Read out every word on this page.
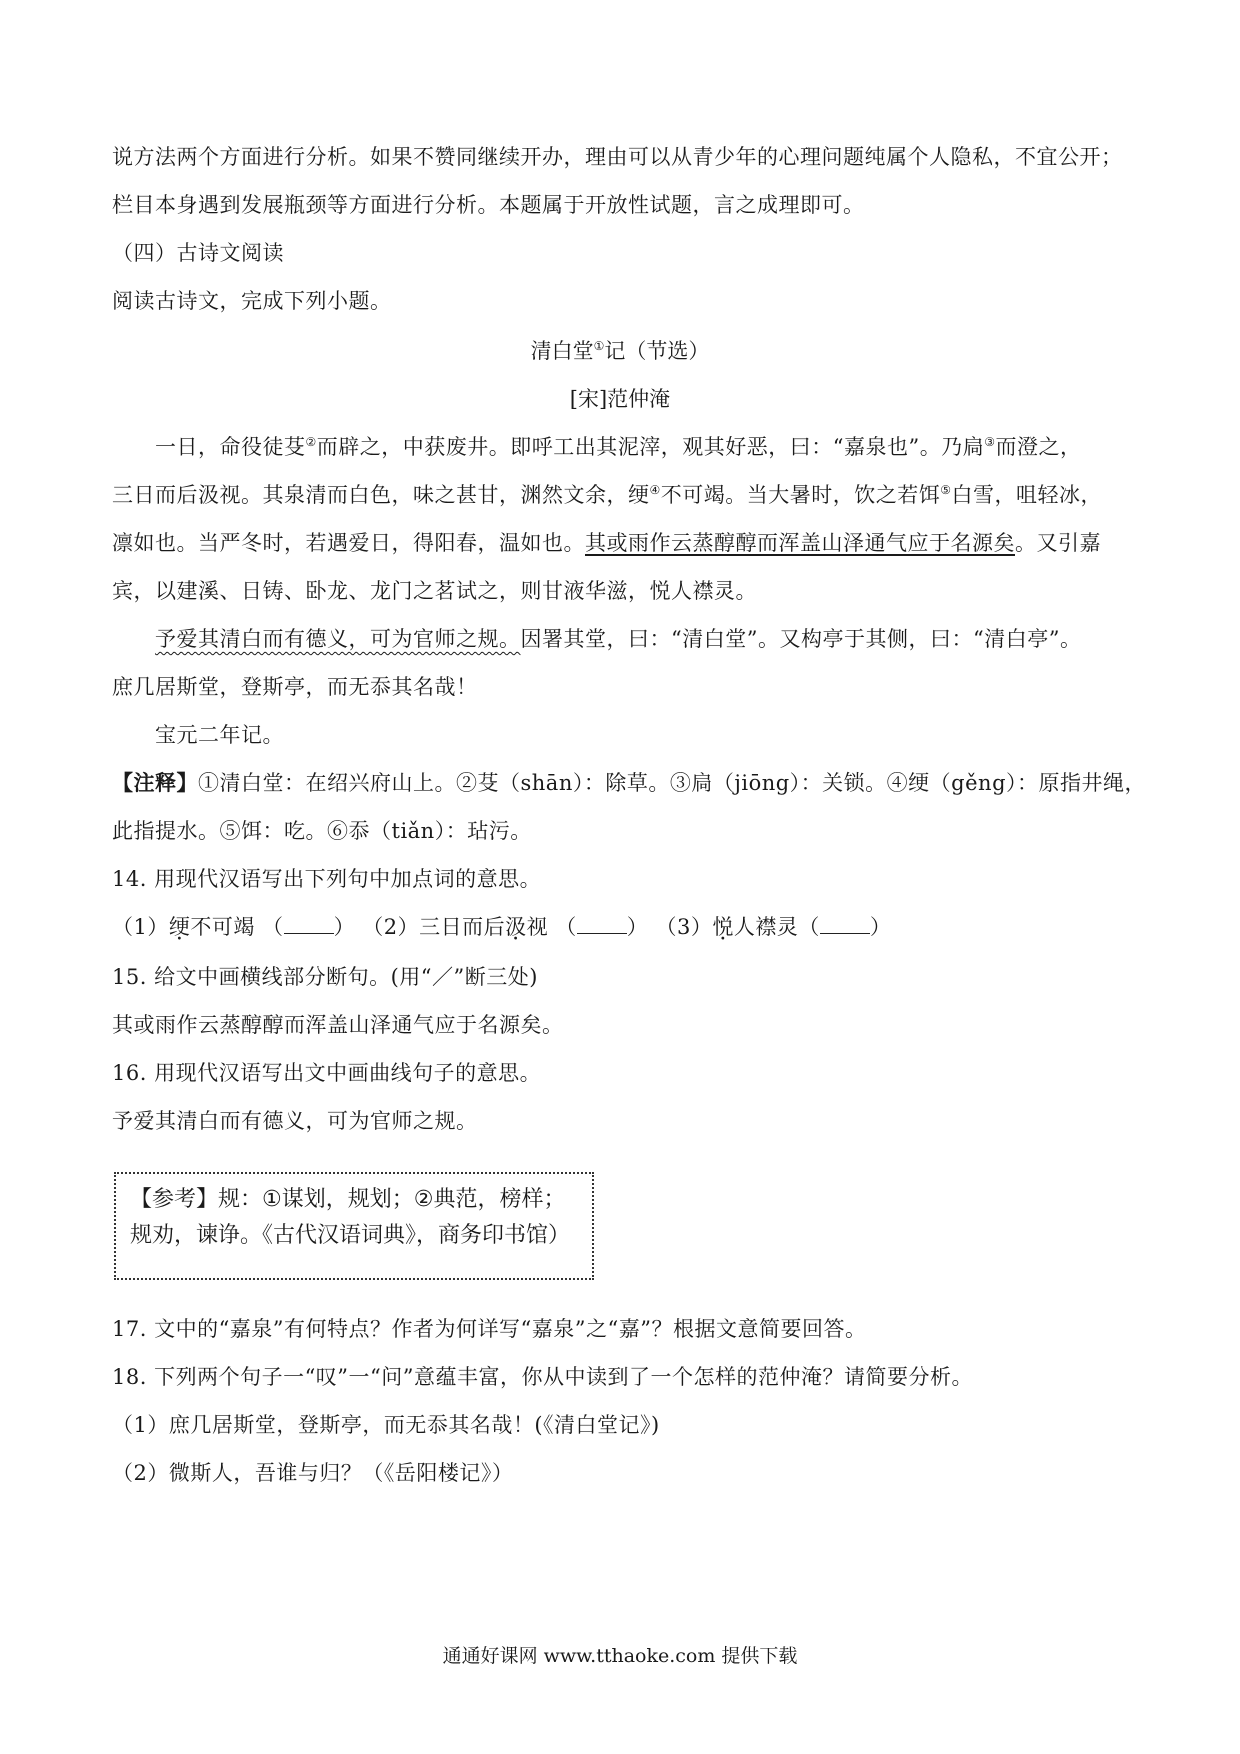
说方法两个方面进行分析。如果不赞同继续开办，理由可以从青少年的心理问题纯属个人隐私，不宜公开；
栏目本身遇到发展瓶颈等方面进行分析。本题属于开放性试题，言之成理即可。
（四）古诗文阅读
阅读古诗文，完成下列小题。
清白堂①记（节选）
[宋]范仲淹
一日，命役徒芟②而辟之，中获废井。即呼工出其泥滓，观其好恶，曰：“嘉泉也”。乃扃③而澄之，
三日而后汲视。其泉清而白色，味之甚甘，渊然文余，绠④不可竭。当大暑时，饮之若饵⑤白雪，咀轻冰，
凛如也。当严冬时，若遇爱日，得阳春，温如也。其或雨作云蒸醇醇而浑盖山泽通气应于名源矣。又引嘉
宾，以建溪、日铸、卧龙、龙门之茗试之，则甘液华滋，悦人襟灵。
予爱其清白而有德义，可为官师之规。因署其堂，曰：“清白堂”。又构亭于其侧，曰：“清白亭”。
庶几居斯堂，登斯亭，而无忝其名哉！
宝元二年记。
【注释】①清白堂：在绍兴府山上。②芟（shān）：除草。③扃（jiōng）：关锁。④绠（gěng）：原指井绳，
此指提水。⑤饵：吃。⑥忝（tiǎn）：玷污。
14. 用现代汉语写出下列句中加点词的意思。
（1）绠不可竭 （ ） （2）三日而后汲视 （ ） （3）悦人襟灵（ ）
15. 给文中画横线部分断句。(用“／”断三处)
其或雨作云蒸醇醇而浑盖山泽通气应于名源矣。
16. 用现代汉语写出文中画曲线句子的意思。
予爱其清白而有德义，可为官师之规。
【参考】规：①谋划，规划；②典范，榜样；规劝，谏诤。《古代汉语词典》，商务印书馆）
17. 文中的“嘉泉”有何特点？作者为何详写“嘉泉”之“嘉”？根据文意简要回答。
18. 下列两个句子一“叹”一“问”意蕴丰富，你从中读到了一个怎样的范仲淹？请简要分析。
（1）庶几居斯堂，登斯亭，而无忝其名哉！(《清白堂记》)
（2）微斯人，吾谁与归？（《岳阳楼记》）
通通好课网 www.tthaoke.com 提供下载
